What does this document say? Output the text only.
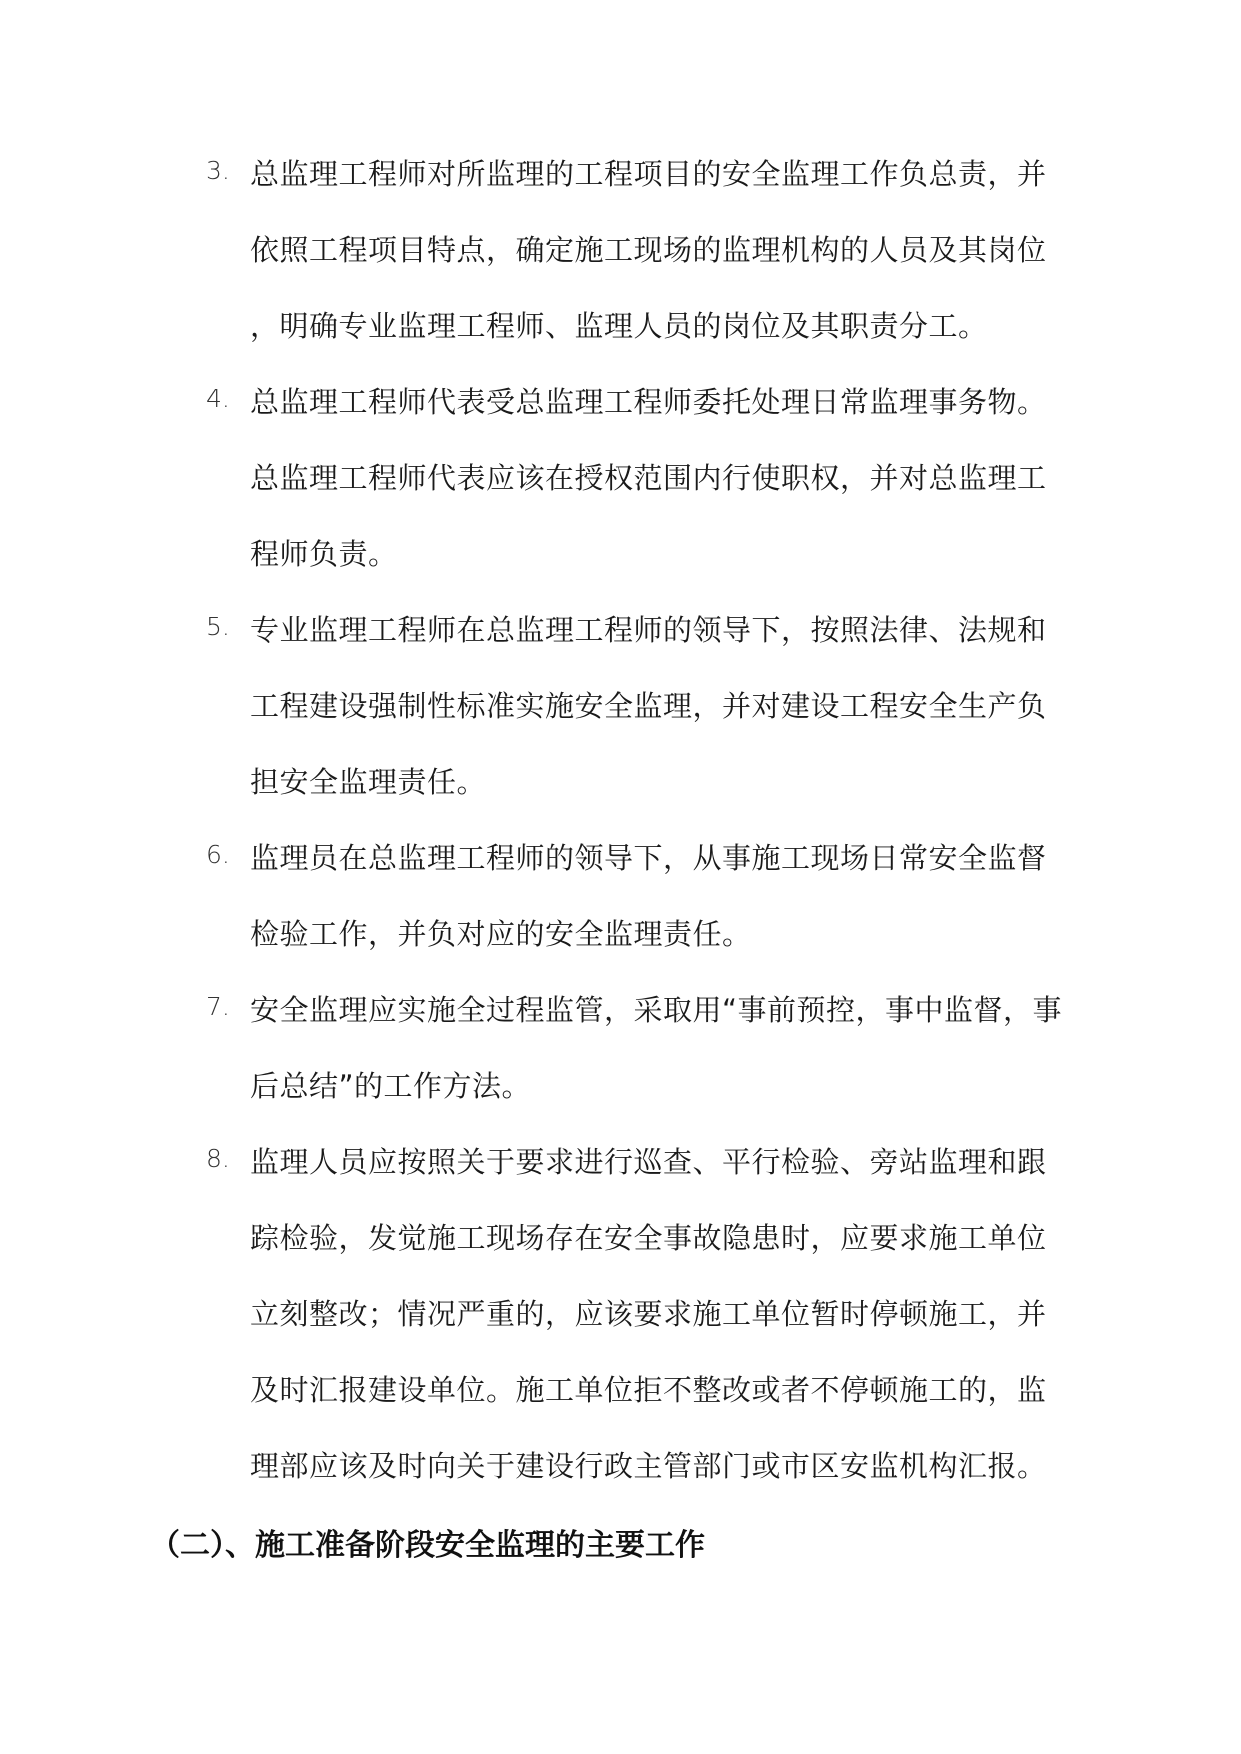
3. 总监理工程师对所监理的工程项目的安全监理工作负总责，并
依照工程项目特点，确定施工现场的监理机构的人员及其岗位
，明确专业监理工程师、监理人员的岗位及其职责分工。
4. 总监理工程师代表受总监理工程师委托处理日常监理事务物。
总监理工程师代表应该在授权范围内行使职权，并对总监理工
程师负责。
5. 专业监理工程师在总监理工程师的领导下，按照法律、法规和
工程建设强制性标准实施安全监理，并对建设工程安全生产负
担安全监理责任。
6. 监理员在总监理工程师的领导下，从事施工现场日常安全监督
检验工作，并负对应的安全监理责任。
7. 安全监理应实施全过程监管，采取用“事前预控，事中监督，事
后总结”的工作方法。
8. 监理人员应按照关于要求进行巡查、平行检验、旁站监理和跟
踪检验，发觉施工现场存在安全事故隐患时，应要求施工单位
立刻整改；情况严重的，应该要求施工单位暂时停顿施工，并
及时汇报建设单位。施工单位拒不整改或者不停顿施工的，监
理部应该及时向关于建设行政主管部门或市区安监机构汇报。
（二）、施工准备阶段安全监理的主要工作
